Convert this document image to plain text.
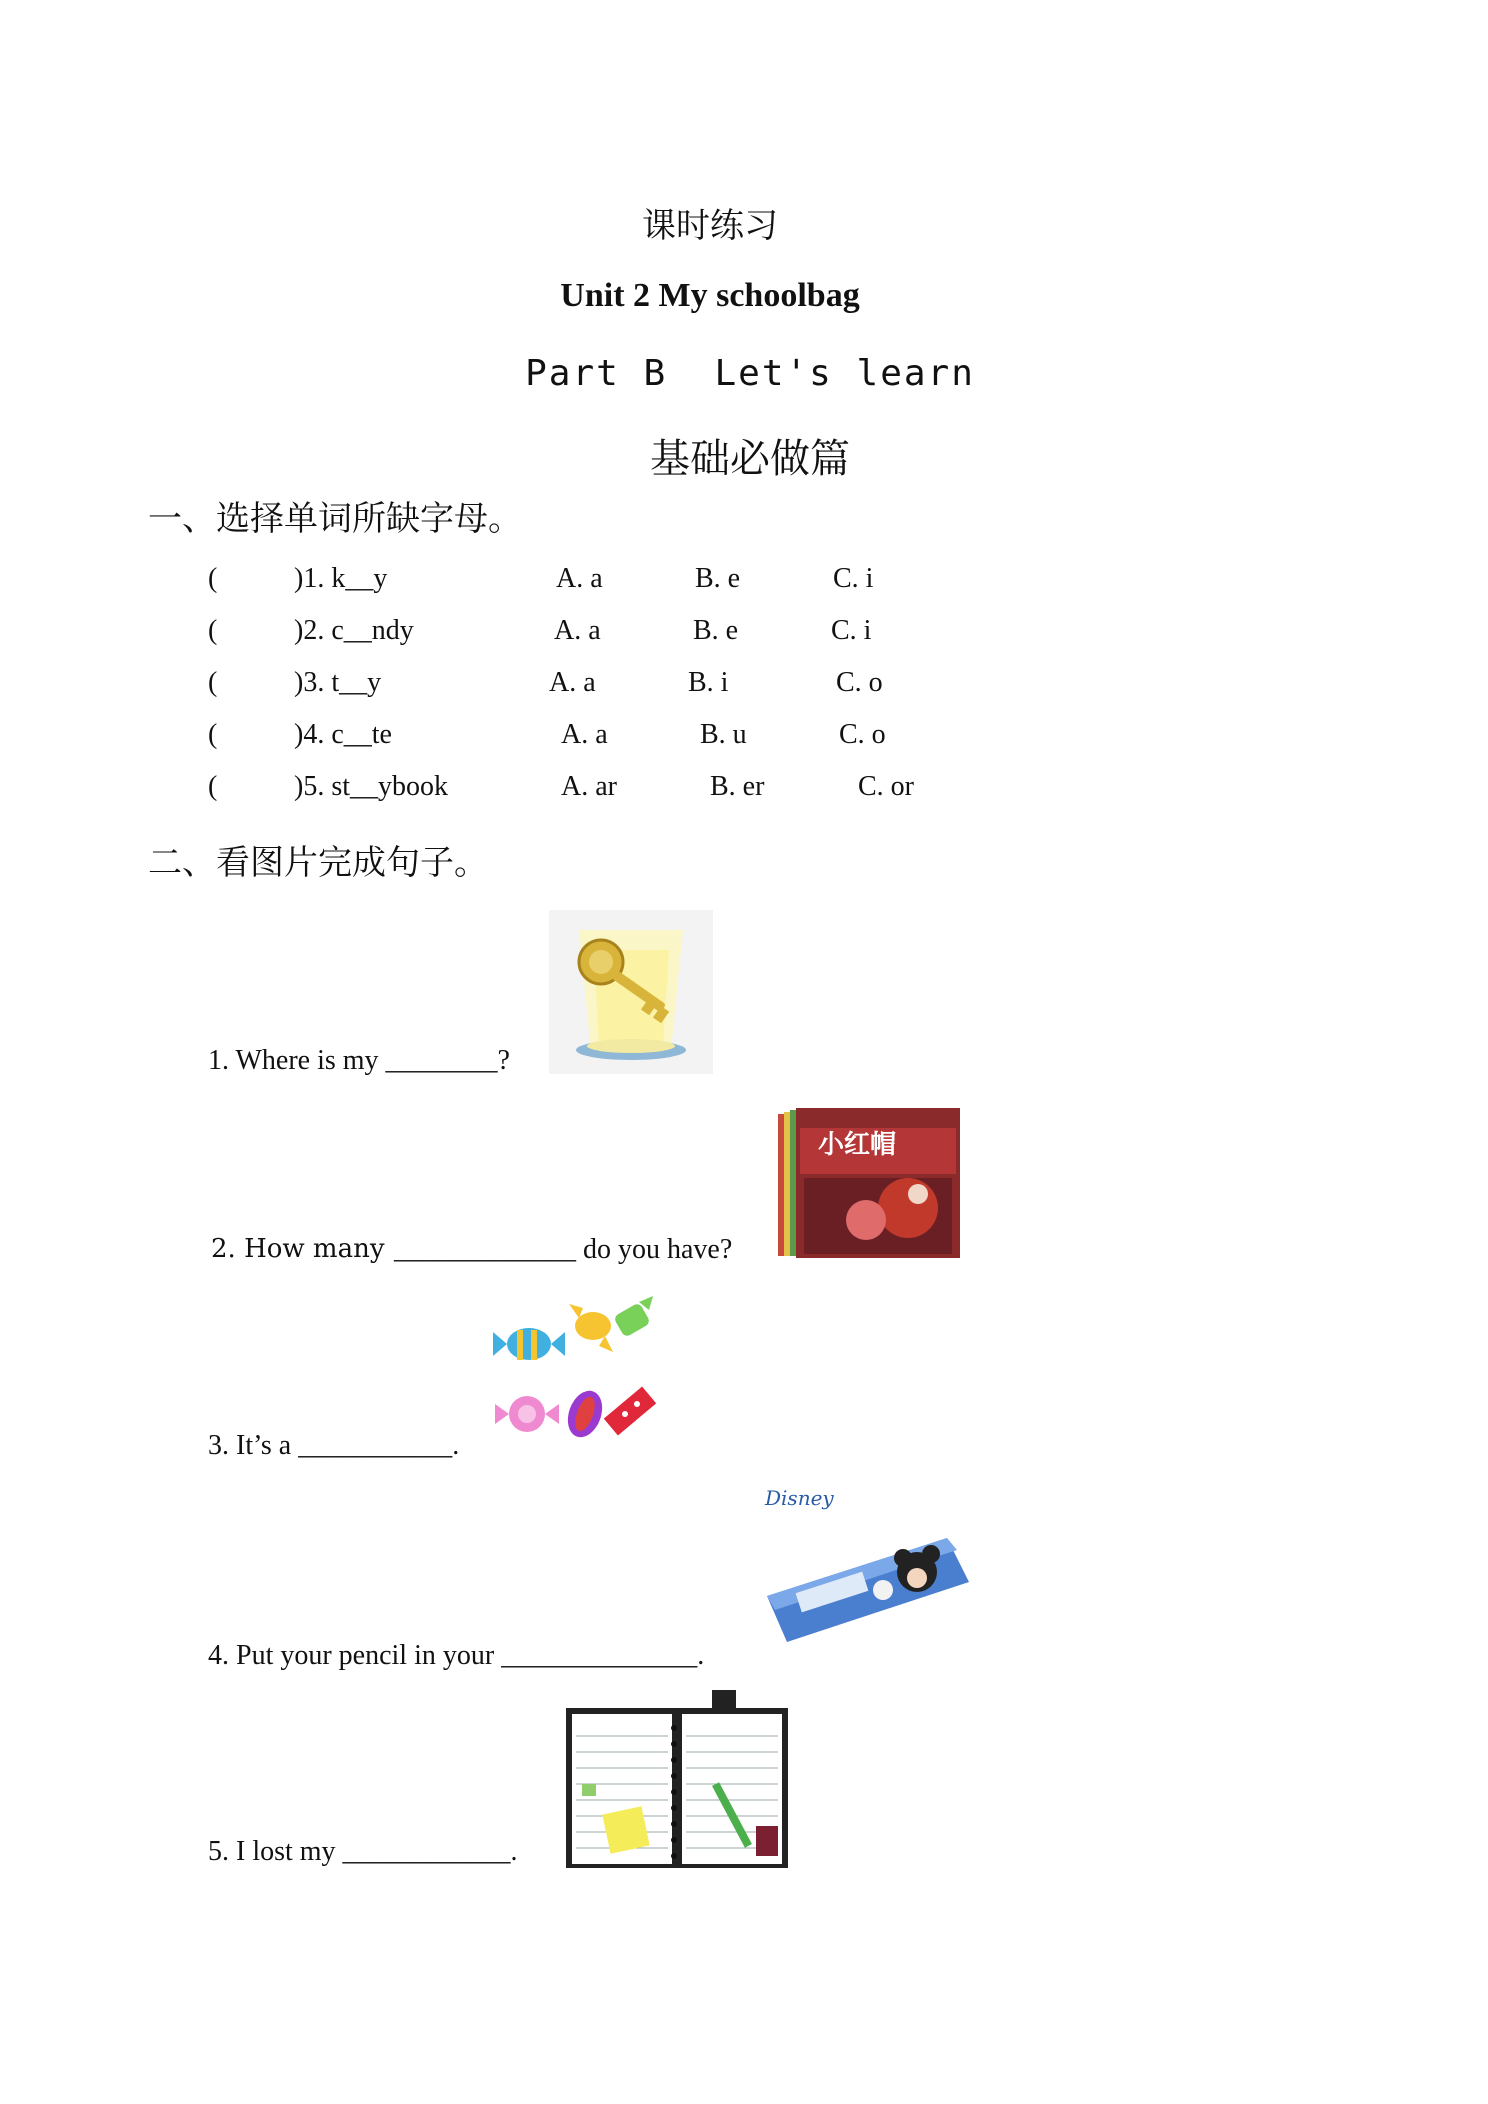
课时练习
Unit 2 My schoolbag
Part B  Let's learn
基础必做篇
一、选择单词所缺字母。
(	)1. k__y	A. a	B. e	C. i
(	)2. c__ndy	A. a	B. e	C. i
(	)3. t__y	A. a	B. i	C. o
(	)4. c__te	A. a	B. u	C. o
(	)5. st__ybook	A. ar	B. er	C. or
二、看图片完成句子。
1. Where is my ________?
2. How many _____________ do you have?
小红帽
3. It’s a ___________.
4. Put your pencil in your ______________.
Disney
5. I lost my ____________.
